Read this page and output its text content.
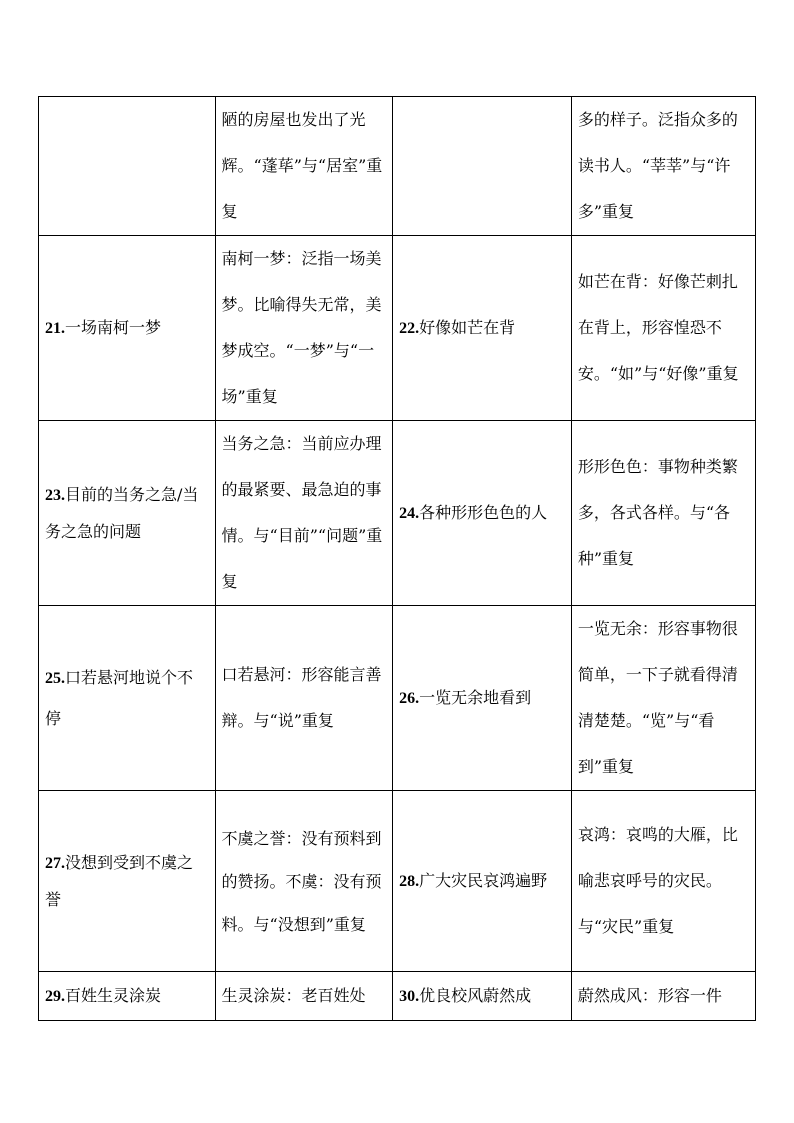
	陋的房屋也发出了光辉。“蓬荜”与“居室”重复		多的样子。泛指众多的读书人。“莘莘”与“许多”重复
21.一场南柯一梦	南柯一梦：泛指一场美梦。比喻得失无常，美梦成空。“一梦”与“一场”重复	22.好像如芒在背	如芒在背：好像芒刺扎在背上，形容惶恐不安。“如”与“好像”重复
23.目前的当务之急/当务之急的问题	当务之急：当前应办理的最紧要、最急迫的事情。与“目前”“问题”重复	24.各种形形色色的人	形形色色：事物种类繁多，各式各样。与“各种”重复
25.口若悬河地说个不停	口若悬河：形容能言善辩。与“说”重复	26.一览无余地看到	一览无余：形容事物很简单，一下子就看得清清楚楚。“览”与“看到”重复
27.没想到受到不虞之誉	不虞之誉：没有预料到的赞扬。不虞：没有预料。与“没想到”重复	28.广大灾民哀鸿遍野	哀鸿：哀鸣的大雁，比喻悲哀呼号的灾民。与“灾民”重复
29.百姓生灵涂炭	生灵涂炭：老百姓处	30.优良校风蔚然成	蔚然成风：形容一件
